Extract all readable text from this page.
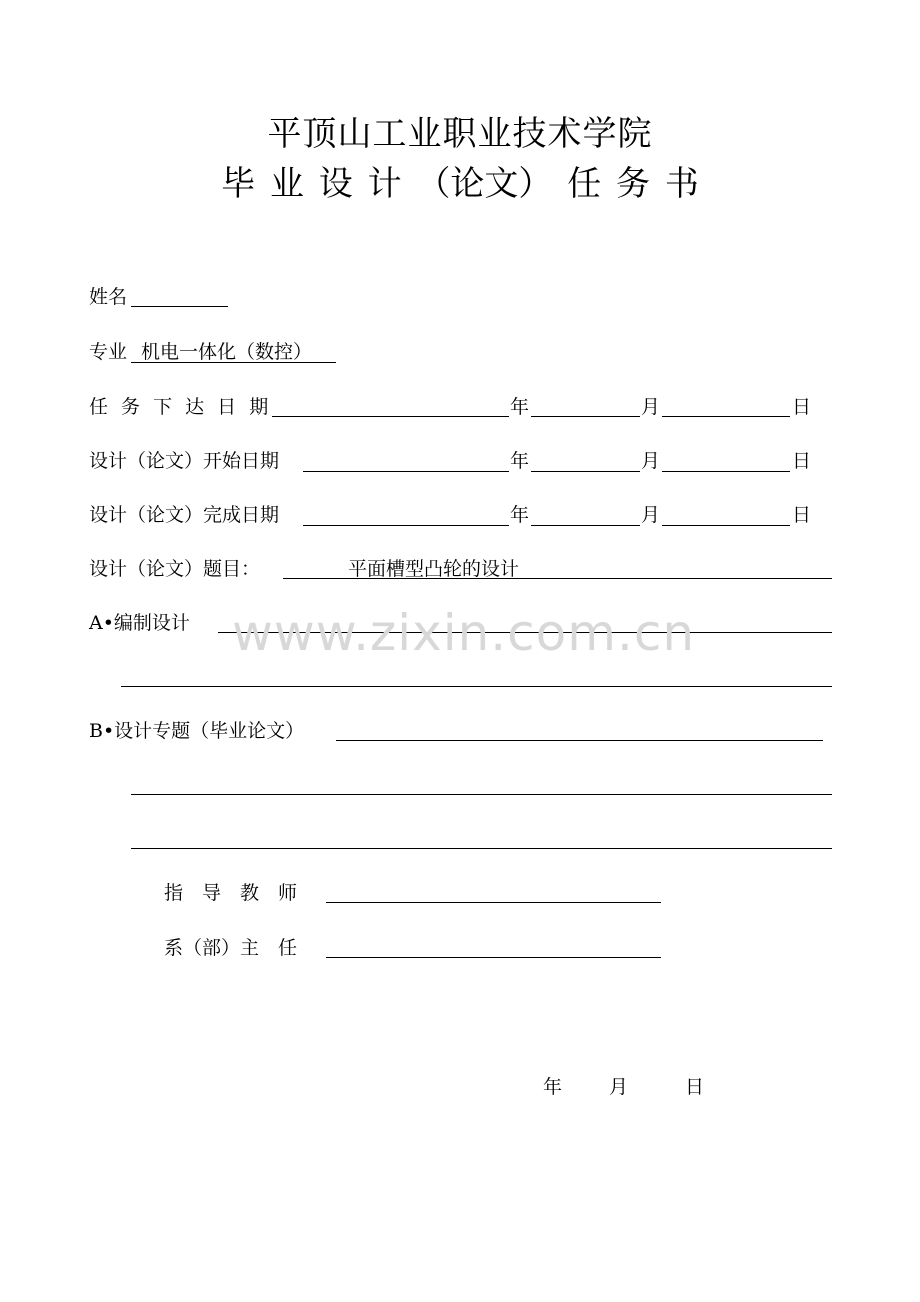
平顶山工业职业技术学院
毕 业 设 计 （论文） 任 务 书
姓名
专业 机电一体化（数控）
任 务 下 达 日 期	年	月	日
设计（论文）开始日期	年	月	日
设计（论文）完成日期	年	月	日
设计（论文）题目：	平面槽型凸轮的设计
A•编制设计 www.zixin.com.cn
B•设计专题（毕业论文）
指　导　教　师
系（部）主　任
年 月	日
